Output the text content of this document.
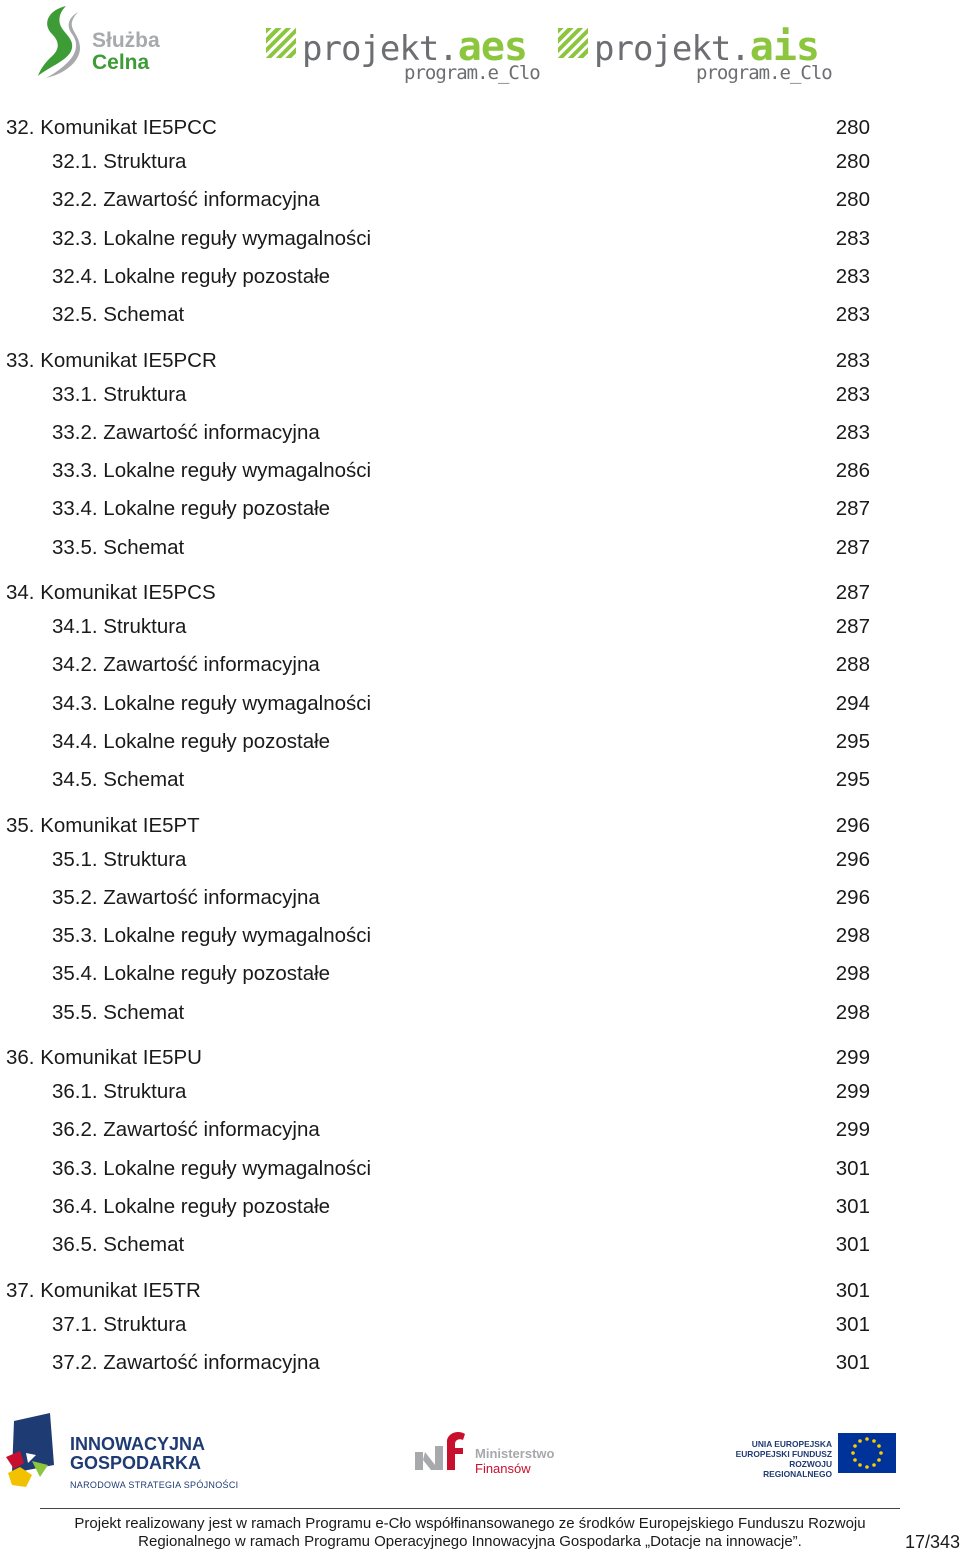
Służba
Celna	projekt.aes
program.e_Clo
projekt.ais
program.e_Clo
32. Komunikat IE5PCC	280
32.1. Struktura	280
32.2. Zawartość informacyjna	280
32.3. Lokalne reguły wymagalności	283
32.4. Lokalne reguły pozostałe	283
32.5. Schemat	283
33. Komunikat IE5PCR	283
33.1. Struktura	283
33.2. Zawartość informacyjna	283
33.3. Lokalne reguły wymagalności	286
33.4. Lokalne reguły pozostałe	287
33.5. Schemat	287
34. Komunikat IE5PCS	287
34.1. Struktura	287
34.2. Zawartość informacyjna	288
34.3. Lokalne reguły wymagalności	294
34.4. Lokalne reguły pozostałe	295
34.5. Schemat	295
35. Komunikat IE5PT	296
35.1. Struktura	296
35.2. Zawartość informacyjna	296
35.3. Lokalne reguły wymagalności	298
35.4. Lokalne reguły pozostałe	298
35.5. Schemat	298
36. Komunikat IE5PU	299
36.1. Struktura	299
36.2. Zawartość informacyjna	299
36.3. Lokalne reguły wymagalności	301
36.4. Lokalne reguły pozostałe	301
36.5. Schemat	301
37. Komunikat IE5TR	301
37.1. Struktura	301
37.2. Zawartość informacyjna	301
INNOWACYJNA
GOSPODARKA
NARODOWA STRATEGIA SPÓJNOŚCI
Ministerstwo
Finansów
UNIA EUROPEJSKA
EUROPEJSKI FUNDUSZ
ROZWOJU REGIONALNEGO
Projekt realizowany jest w ramach Programu e-Cło współfinansowanego ze środków Europejskiego Funduszu Rozwoju
Regionalnego w ramach Programu Operacyjnego Innowacyjna Gospodarka „Dotacje na innowacje”.	17/343
